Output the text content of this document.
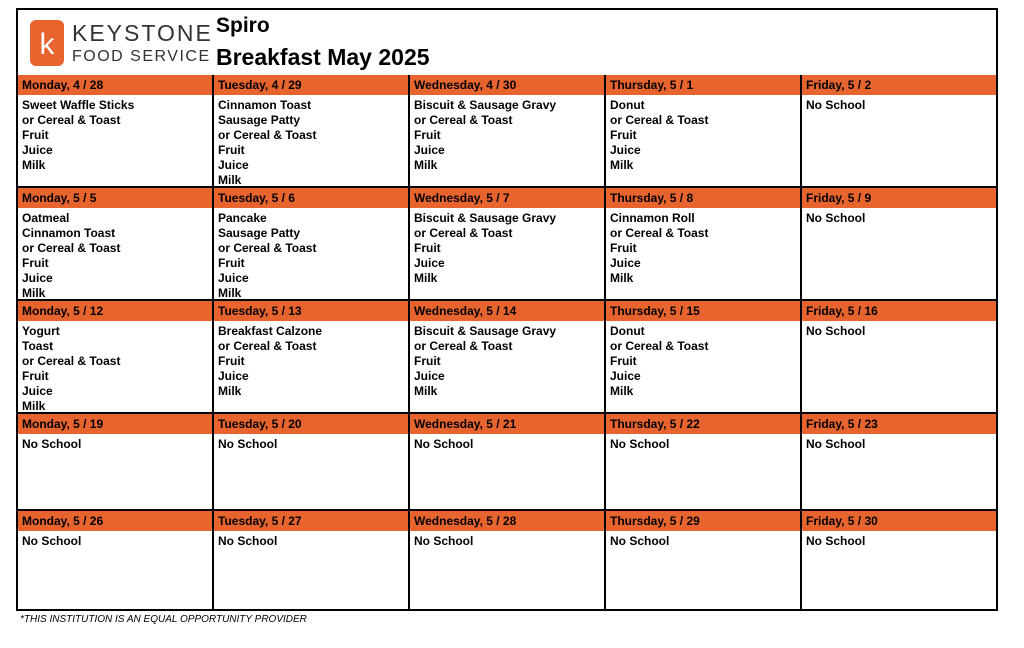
k KEYSTONE
FOOD SERVICE
Spiro
Breakfast May 2025
Monday, 4 / 28
Sweet Waffle Sticks
or Cereal & Toast
Fruit
Juice
Milk
Tuesday, 4 / 29
Cinnamon Toast
Sausage Patty
or Cereal & Toast
Fruit
Juice
Milk
Wednesday, 4 / 30
Biscuit & Sausage Gravy
or Cereal & Toast
Fruit
Juice
Milk
Thursday, 5 / 1
Donut
or Cereal & Toast
Fruit
Juice
Milk
Friday, 5 / 2
No School
Monday, 5 / 5
Oatmeal
Cinnamon Toast
or Cereal & Toast
Fruit
Juice
Milk
Tuesday, 5 / 6
Pancake
Sausage Patty
or Cereal & Toast
Fruit
Juice
Milk
Wednesday, 5 / 7
Biscuit & Sausage Gravy
or Cereal & Toast
Fruit
Juice
Milk
Thursday, 5 / 8
Cinnamon Roll
or Cereal & Toast
Fruit
Juice
Milk
Friday, 5 / 9
No School
Monday, 5 / 12
Yogurt
Toast
or Cereal & Toast
Fruit
Juice
Milk
Tuesday, 5 / 13
Breakfast Calzone
or Cereal & Toast
Fruit
Juice
Milk
Wednesday, 5 / 14
Biscuit & Sausage Gravy
or Cereal & Toast
Fruit
Juice
Milk
Thursday, 5 / 15
Donut
or Cereal & Toast
Fruit
Juice
Milk
Friday, 5 / 16
No School
Monday, 5 / 19
No School
Tuesday, 5 / 20
No School
Wednesday, 5 / 21
No School
Thursday, 5 / 22
No School
Friday, 5 / 23
No School
Monday, 5 / 26
No School
Tuesday, 5 / 27
No School
Wednesday, 5 / 28
No School
Thursday, 5 / 29
No School
Friday, 5 / 30
No School
*THIS INSTITUTION IS AN EQUAL OPPORTUNITY PROVIDER
